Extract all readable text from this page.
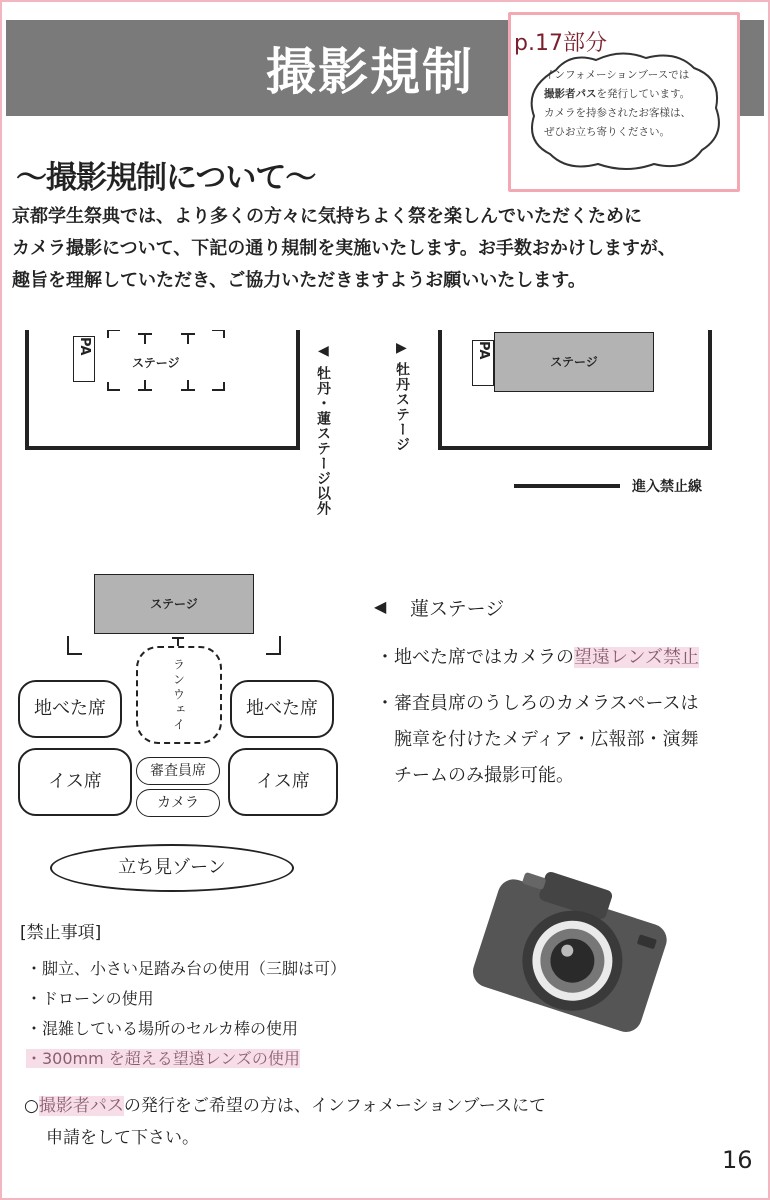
撮影規制	p.17部分
インフォメーションブースでは
撮影者パスを発行しています。
カメラを持参されたお客様は、
ぜひお立ち寄りください。
～撮影規制について～
京都学生祭典では、より多くの方々に気持ちよく祭を楽しんでいただくために
カメラ撮影について、下記の通り規制を実施いたします。お手数おかけしますが、
趣旨を理解していただき、ご協力いただきますようお願いいたします。
PA
ステージ
◀
牡丹・蓮ステージ以外
▶
牡丹ステージ
PA
ステージ
進入禁止線
ステージ
ランウェイ
地べた席	地べた席
イス席	イス席
審査員席
カメラ
立ち見ゾーン
◀ 蓮ステージ
・地べた席ではカメラの望遠レンズ禁止
・審査員席のうしろのカメラスペースは
腕章を付けたメディア・広報部・演舞
チームのみ撮影可能。
[禁止事項]
・脚立、小さい足踏み台の使用（三脚は可）
・ドローンの使用
・混雑している場所のセルカ棒の使用
・300mm を超える望遠レンズの使用
○撮影者パスの発行をご希望の方は、インフォメーションブースにて
申請をして下さい。
16
